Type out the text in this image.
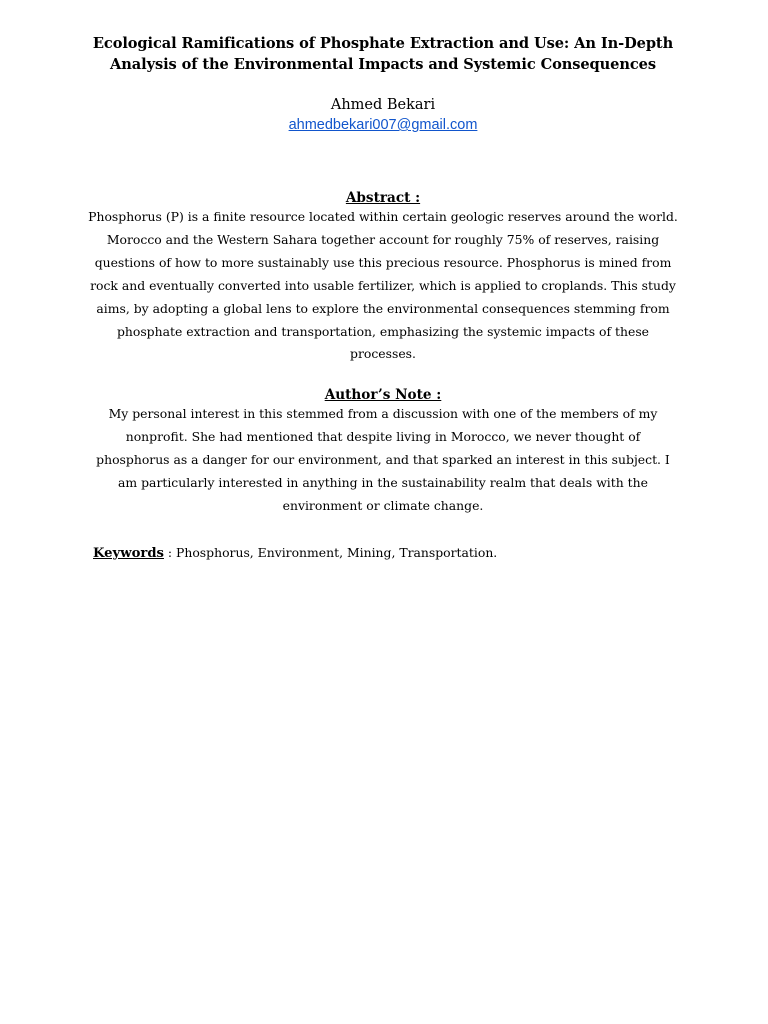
Ecological Ramifications of Phosphate Extraction and Use: An In-Depth
Analysis of the Environmental Impacts and Systemic Consequences
Ahmed Bekari
ahmedbekari007@gmail.com
Abstract :

Phosphorus (P) is a finite resource located within certain geologic reserves around the world.
Morocco and the Western Sahara together account for roughly 75% of reserves, raising
questions of how to more sustainably use this precious resource. Phosphorus is mined from
rock and eventually converted into usable fertilizer, which is applied to croplands. This study
aims, by adopting a global lens to explore the environmental consequences stemming from
phosphate extraction and transportation, emphasizing the systemic impacts of these
processes.

Author’s Note :

My personal interest in this stemmed from a discussion with one of the members of my
nonprofit. She had mentioned that despite living in Morocco, we never thought of
phosphorus as a danger for our environment, and that sparked an interest in this subject. I
am particularly interested in anything in the sustainability realm that deals with the
environment or climate change.

Keywords : Phosphorus, Environment, Mining, Transportation.
